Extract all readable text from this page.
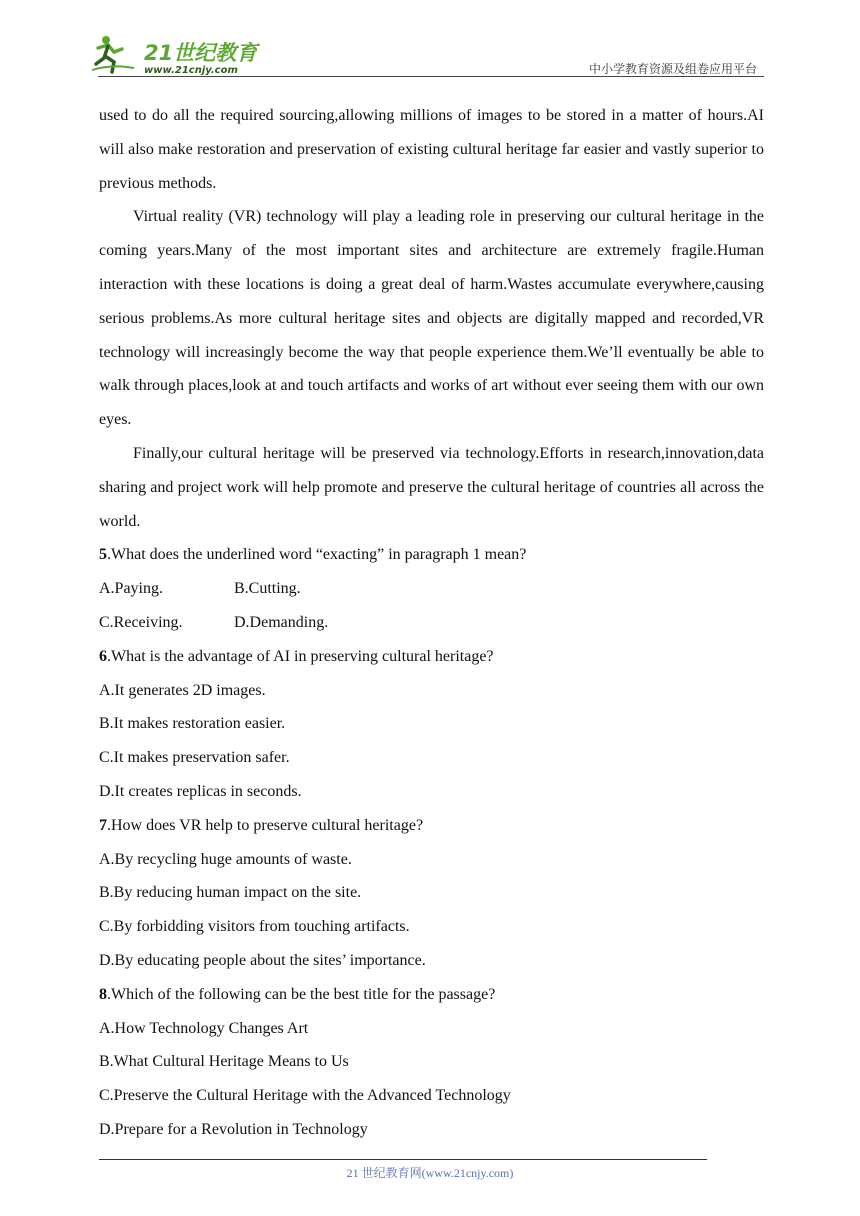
21世纪教育
www.21cnjy.com	中小学教育资源及组卷应用平台

used to do all the required sourcing,allowing millions of images to be stored in a matter of hours.AI will also make restoration and preservation of existing cultural heritage far easier and vastly superior to previous methods.

Virtual reality (VR) technology will play a leading role in preserving our cultural heritage in the coming years.Many of the most important sites and architecture are extremely fragile.Human interaction with these locations is doing a great deal of harm.Wastes accumulate everywhere,causing serious problems.As more cultural heritage sites and objects are digitally mapped and recorded,VR technology will increasingly become the way that people experience them.We’ll eventually be able to walk through places,look at and touch artifacts and works of art without ever seeing them with our own eyes.

Finally,our cultural heritage will be preserved via technology.Efforts in research,innovation,data sharing and project work will help promote and preserve the cultural heritage of countries all across the world.

5.What does the underlined word “exacting” in paragraph 1 mean?

A.Paying.	B.Cutting.
C.Receiving.	D.Demanding.

6.What is the advantage of AI in preserving cultural heritage?

A.It generates 2D images.

B.It makes restoration easier.

C.It makes preservation safer.

D.It creates replicas in seconds.

7.How does VR help to preserve cultural heritage?

A.By recycling huge amounts of waste.

B.By reducing human impact on the site.

C.By forbidding visitors from touching artifacts.

D.By educating people about the sites’ importance.

8.Which of the following can be the best title for the passage?

A.How Technology Changes Art

B.What Cultural Heritage Means to Us

C.Preserve the Cultural Heritage with the Advanced Technology

D.Prepare for a Revolution in Technology

21 世纪教育网(www.21cnjy.com)
